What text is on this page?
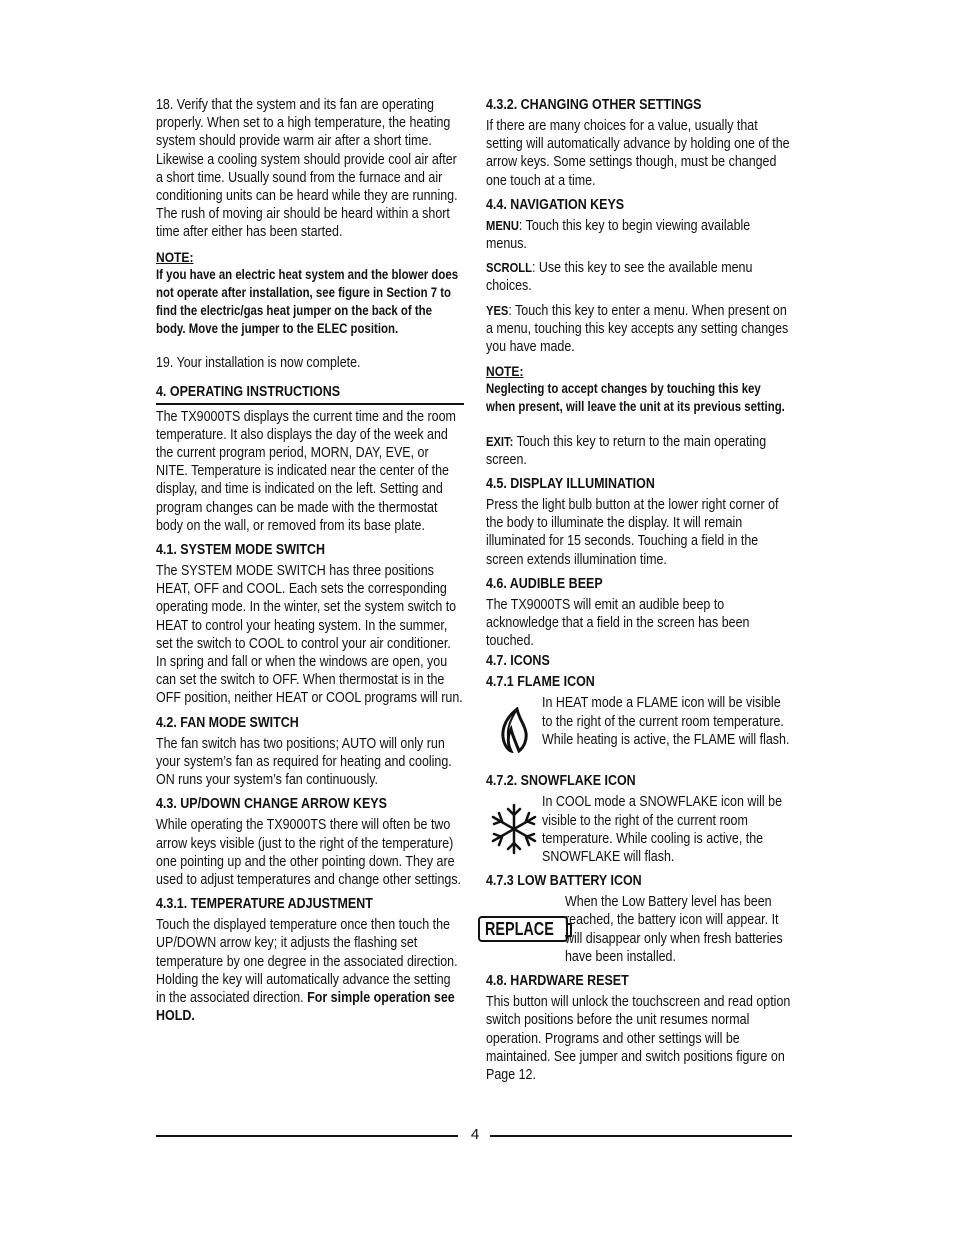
18. Verify that the system and its fan are operating properly. When set to a high temperature, the heating system should provide warm air after a short time. Likewise a cooling system should provide cool air after a short time. Usually sound from the furnace and air conditioning units can be heard while they are running. The rush of moving air should be heard within a short time after either has been started.

NOTE:

If you have an electric heat system and the blower does not operate after installation, see figure in Section 7 to find the electric/gas heat jumper on the back of the body. Move the jumper to the ELEC position.

19. Your installation is now complete.

4. OPERATING INSTRUCTIONS

The TX9000TS displays the current time and the room temperature. It also displays the day of the week and the current program period, MORN, DAY, EVE, or NITE. Temperature is indicated near the center of the display, and time is indicated on the left. Setting and program changes can be made with the thermostat body on the wall, or removed from its base plate.

4.1. SYSTEM MODE SWITCH

The SYSTEM MODE SWITCH has three positions HEAT, OFF and COOL. Each sets the corresponding operating mode. In the winter, set the system switch to HEAT to control your heating system. In the summer, set the switch to COOL to control your air conditioner. In spring and fall or when the windows are open, you can set the switch to OFF. When thermostat is in the OFF position, neither HEAT or COOL programs will run.

4.2. FAN MODE SWITCH

The fan switch has two positions; AUTO will only run your system’s fan as required for heating and cooling. ON runs your system’s fan continuously.

4.3. UP/DOWN CHANGE ARROW KEYS

While operating the TX9000TS there will often be two arrow keys visible (just to the right of the temperature) one pointing up and the other pointing down. They are used to adjust temperatures and change other settings.

4.3.1. TEMPERATURE ADJUSTMENT

Touch the displayed temperature once then touch the UP/DOWN arrow key; it adjusts the flashing set temperature by one degree in the associated direction. Holding the key will automatically advance the setting in the associated direction. For simple operation see HOLD.

4.3.2. CHANGING OTHER SETTINGS

If there are many choices for a value, usually that setting will automatically advance by holding one of the arrow keys. Some settings though, must be changed one touch at a time.

4.4. NAVIGATION KEYS

MENU: Touch this key to begin viewing available menus.

SCROLL: Use this key to see the available menu choices.

YES: Touch this key to enter a menu. When present on a menu, touching this key accepts any setting changes you have made.

NOTE:

Neglecting to accept changes by touching this key when present, will leave the unit at its previous setting.

EXIT: Touch this key to return to the main operating screen.

4.5. DISPLAY ILLUMINATION

Press the light bulb button at the lower right corner of the body to illuminate the display. It will remain illuminated for 15 seconds. Touching a field in the screen extends illumination time.

4.6. AUDIBLE BEEP

The TX9000TS will emit an audible beep to acknowledge that a field in the screen has been touched.

4.7. ICONS
4.7.1 FLAME ICON

In HEAT mode a FLAME icon will be visible to the right of the current room temperature. While heating is active, the FLAME will flash.

4.7.2. SNOWFLAKE ICON

In COOL mode a SNOWFLAKE icon will be visible to the right of the current room temperature. While cooling is active, the SNOWFLAKE will flash.

4.7.3 LOW BATTERY ICON
REPLACE

When the Low Battery level has been reached, the battery icon will appear. It will disappear only when fresh batteries have been installed.

4.8. HARDWARE RESET

This button will unlock the touchscreen and read option switch positions before the unit resumes normal operation. Programs and other settings will be maintained. See jumper and switch positions figure on Page 12.

4
